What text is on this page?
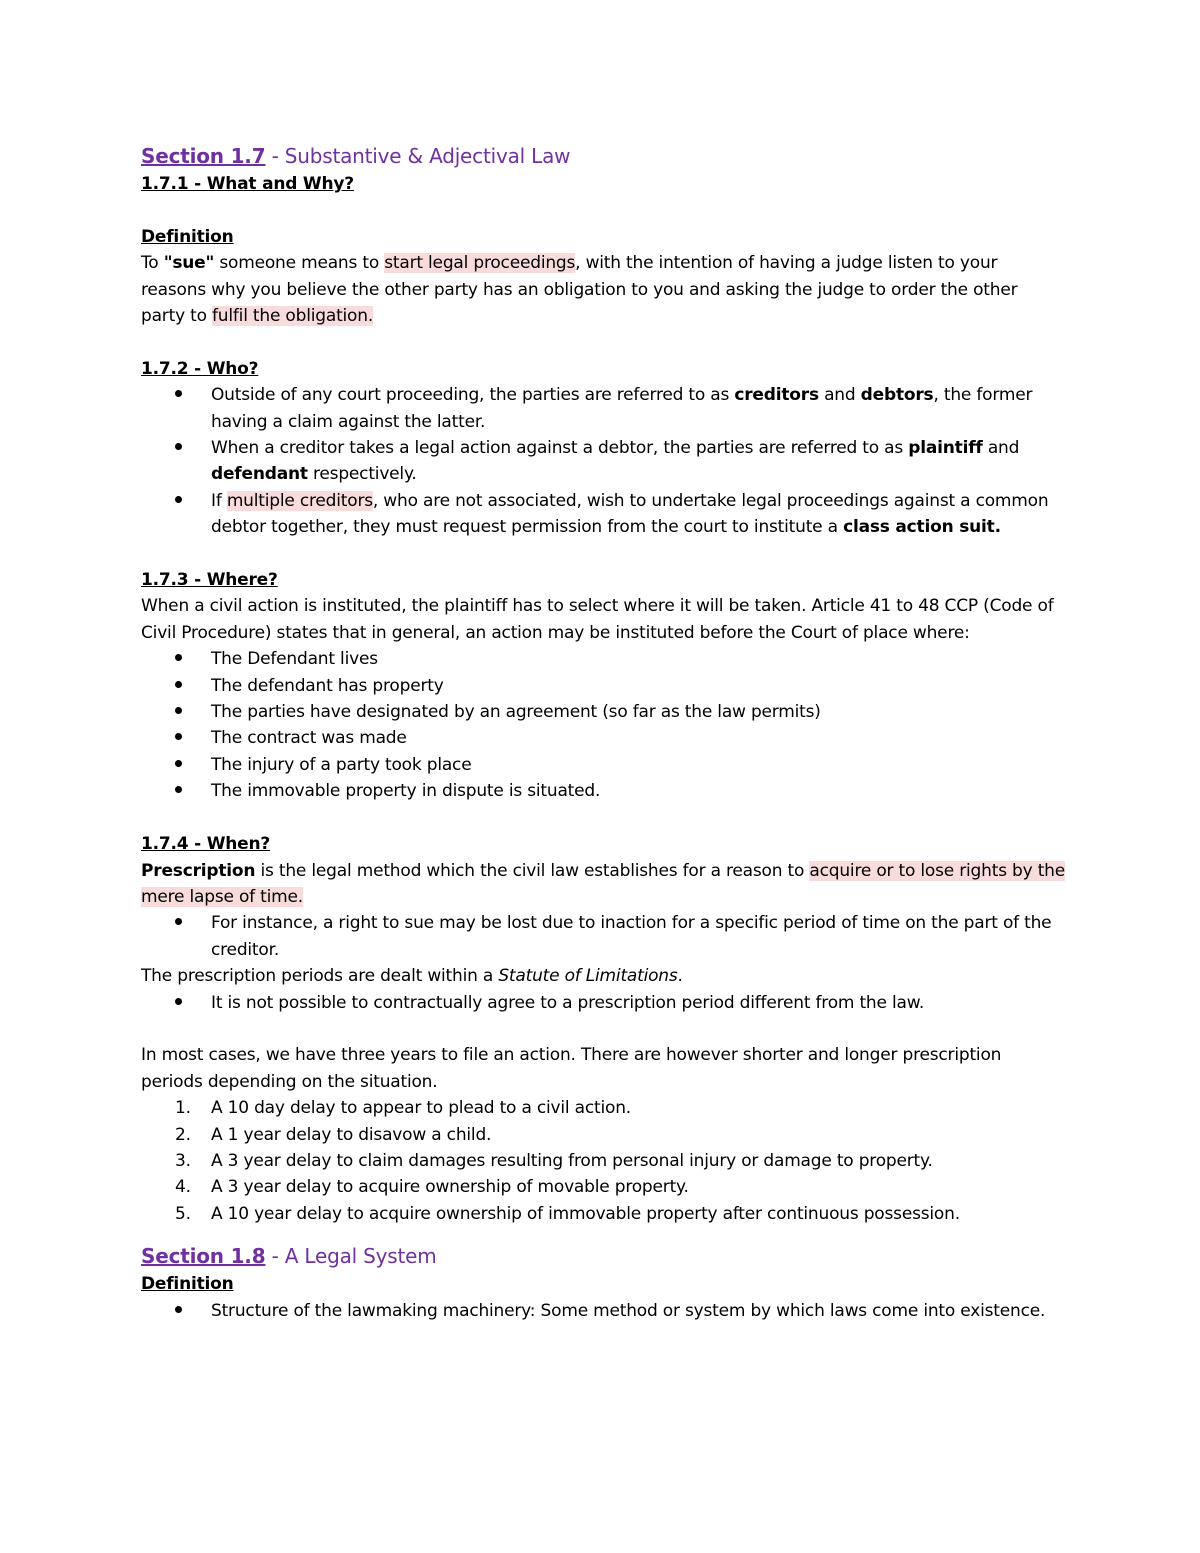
Section 1.7 - Substantive & Adjectival Law

1.7.1 - What and Why?

Definition

To "sue" someone means to start legal proceedings, with the intention of having a judge listen to your reasons why you believe the other party has an obligation to you and asking the judge to order the other party to fulfil the obligation.

1.7.2 - Who?

Outside of any court proceeding, the parties are referred to as creditors and debtors, the former having a claim against the latter.
When a creditor takes a legal action against a debtor, the parties are referred to as plaintiff and defendant respectively.
If multiple creditors, who are not associated, wish to undertake legal proceedings against a common debtor together, they must request permission from the court to institute a class action suit.

1.7.3 - Where?

When a civil action is instituted, the plaintiff has to select where it will be taken. Article 41 to 48 CCP (Code of Civil Procedure) states that in general, an action may be instituted before the Court of place where:

The Defendant lives
The defendant has property
The parties have designated by an agreement (so far as the law permits)
The contract was made
The injury of a party took place
The immovable property in dispute is situated.

1.7.4 - When?

Prescription is the legal method which the civil law establishes for a reason to acquire or to lose rights by the mere lapse of time.

For instance, a right to sue may be lost due to inaction for a specific period of time on the part of the creditor.

The prescription periods are dealt within a Statute of Limitations.

It is not possible to contractually agree to a prescription period different from the law.

In most cases, we have three years to file an action. There are however shorter and longer prescription periods depending on the situation.

1. A 10 day delay to appear to plead to a civil action.
2. A 1 year delay to disavow a child.
3. A 3 year delay to claim damages resulting from personal injury or damage to property.
4. A 3 year delay to acquire ownership of movable property.
5. A 10 year delay to acquire ownership of immovable property after continuous possession.

Section 1.8 - A Legal System

Definition

Structure of the lawmaking machinery: Some method or system by which laws come into existence.
